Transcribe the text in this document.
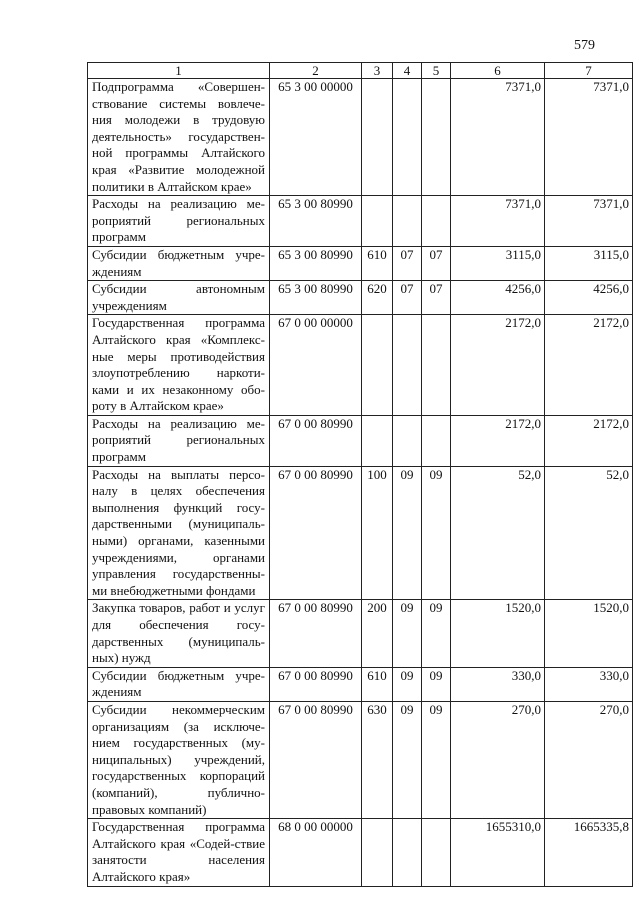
579
1	2	3	4	5	6	7
Подпрограмма «Совершен-ствование системы вовлече-ния молодежи в трудовую деятельность» государствен-ной программы Алтайского края «Развитие молодежной политики в Алтайском крае»	65 3 00 00000				7371,0	7371,0
Расходы на реализацию ме-роприятий региональных программ	65 3 00 80990				7371,0	7371,0
Субсидии бюджетным учре-ждениям	65 3 00 80990	610	07	07	3115,0	3115,0
Субсидии автономным учреждениям	65 3 00 80990	620	07	07	4256,0	4256,0
Государственная программа Алтайского края «Комплекс-ные меры противодействия злоупотреблению наркоти-ками и их незаконному обо-роту в Алтайском крае»	67 0 00 00000				2172,0	2172,0
Расходы на реализацию ме-роприятий региональных программ	67 0 00 80990				2172,0	2172,0
Расходы на выплаты персо-налу в целях обеспечения выполнения функций госу-дарственными (муниципаль-ными) органами, казенными учреждениями, органами управления государственны-ми внебюджетными фондами	67 0 00 80990	100	09	09	52,0	52,0
Закупка товаров, работ и услуг для обеспечения госу-дарственных (муниципаль-ных) нужд	67 0 00 80990	200	09	09	1520,0	1520,0
Субсидии бюджетным учре-ждениям	67 0 00 80990	610	09	09	330,0	330,0
Субсидии некоммерческим организациям (за исключе-нием государственных (му-ниципальных) учреждений, государственных корпораций (компаний), публично-правовых компаний)	67 0 00 80990	630	09	09	270,0	270,0
Государственная программа Алтайского края «Содей-ствие занятости населения Алтайского края»	68 0 00 00000				1655310,0	1665335,8
